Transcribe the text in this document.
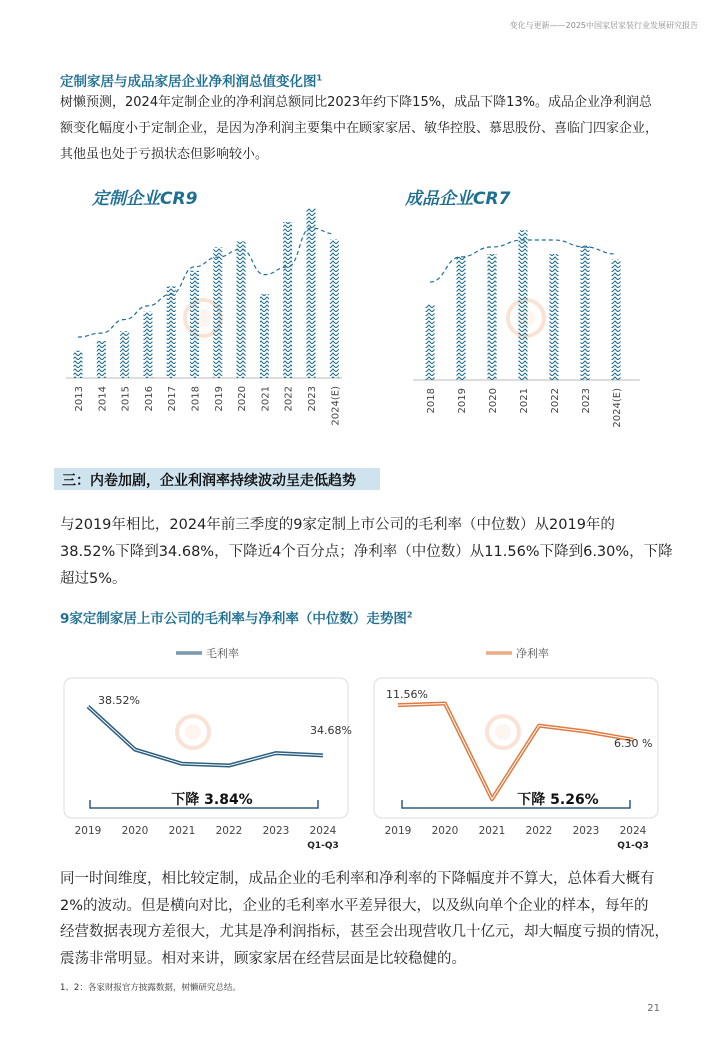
变化与更新——2025中国家居家装行业发展研究报告
定制家居与成品家居企业净利润总值变化图$^1$
树懒预测，2024年定制企业的净利润总额同比2023年约下降15%，成品下降13%。成品企业净利润总
额变化幅度小于定制企业，是因为净利润主要集中在顾家家居、敏华控股、慕思股份、喜临门四家企业，
其他虽也处于亏损状态但影响较小。
定制企业CR9	成品企业CR7
2013 2014 2015 2016 2017 2018 2019 2020 2021 2022 2023 2024(E)	2018 2019 2020 2021 2022 2023 2024(E)
三：内卷加剧，企业利润率持续波动呈走低趋势
与2019年相比，2024年前三季度的9家定制上市公司的毛利率（中位数）从2019年的
38.52%下降到34.68%，下降近4个百分点；净利率（中位数）从11.56%下降到6.30%，下降
超过5%。
9家定制家居上市公司的毛利率与净利率（中位数）走势图$^2$
毛利率	净利率
下降 3.84%	下降 5.26%
2019 2020 2021 2022 2023 2024
Q1-Q3
38.52%
34.68%
2019 2020 2021 2022 2023 2024
Q1-Q3
11.56%
6.30 %
同一时间维度，相比较定制，成品企业的毛利率和净利率的下降幅度并不算大，总体看大概有
2%的波动。但是横向对比，企业的毛利率水平差异很大，以及纵向单个企业的样本，每年的
经营数据表现方差很大，尤其是净利润指标，甚至会出现营收几十亿元，却大幅度亏损的情况，
震荡非常明显。相对来讲，顾家家居在经营层面是比较稳健的。
1、2：各家财报官方披露数据，树懒研究总结。
21
